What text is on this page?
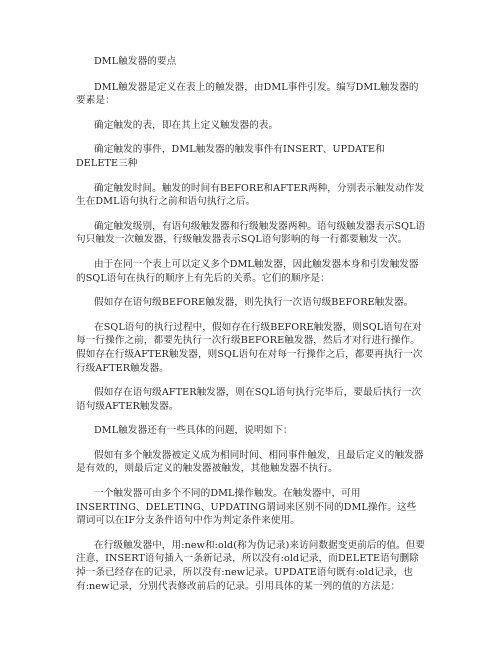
DML触发器的要点

DML触发器是定义在表上的触发器，由DML事件引发。编写DML触发器的要素是：

确定触发的表，即在其上定义触发器的表。

确定触发的事件，DML触发器的触发事件有INSERT、UPDATE和DELETE三种

确定触发时间。触发的时间有BEFORE和AFTER两种，分别表示触发动作发生在DML语句执行之前和语句执行之后。

确定触发级别，有语句级触发器和行级触发器两种。语句级触发器表示SQL语句只触发一次触发器，行级触发器表示SQL语句影响的每一行都要触发一次。

由于在同一个表上可以定义多个DML触发器，因此触发器本身和引发触发器的SQL语句在执行的顺序上有先后的关系。它们的顺序是：

假如存在语句级BEFORE触发器，则先执行一次语句级BEFORE触发器。

在SQL语句的执行过程中，假如存在行级BEFORE触发器，则SQL语句在对每一行操作之前，都要先执行一次行级BEFORE触发器，然后才对行进行操作。假如存在行级AFTER触发器，则SQL语句在对每一行操作之后，都要再执行一次行级AFTER触发器。

假如存在语句级AFTER触发器，则在SQL语句执行完毕后，要最后执行一次语句级AFTER触发器。

DML触发器还有一些具体的问题，说明如下：

假如有多个触发器被定义成为相同时间、相同事件触发，且最后定义的触发器是有效的，则最后定义的触发器被触发，其他触发器不执行。

一个触发器可由多个不同的DML操作触发。在触发器中，可用INSERTING、DELETING、UPDATING谓词来区别不同的DML操作。这些谓词可以在IF分支条件语句中作为判定条件来使用。

在行级触发器中，用:new和:old(称为伪记录)来访问数据变更前后的值。但要注意，INSERT语句插入一条新记录，所以没有:old记录，而DELETE语句删除掉一条已经存在的记录，所以没有:new记录。UPDATE语句既有:old记录，也有:new记录，分别代表修改前后的记录。引用具体的某一列的值的方法是：
